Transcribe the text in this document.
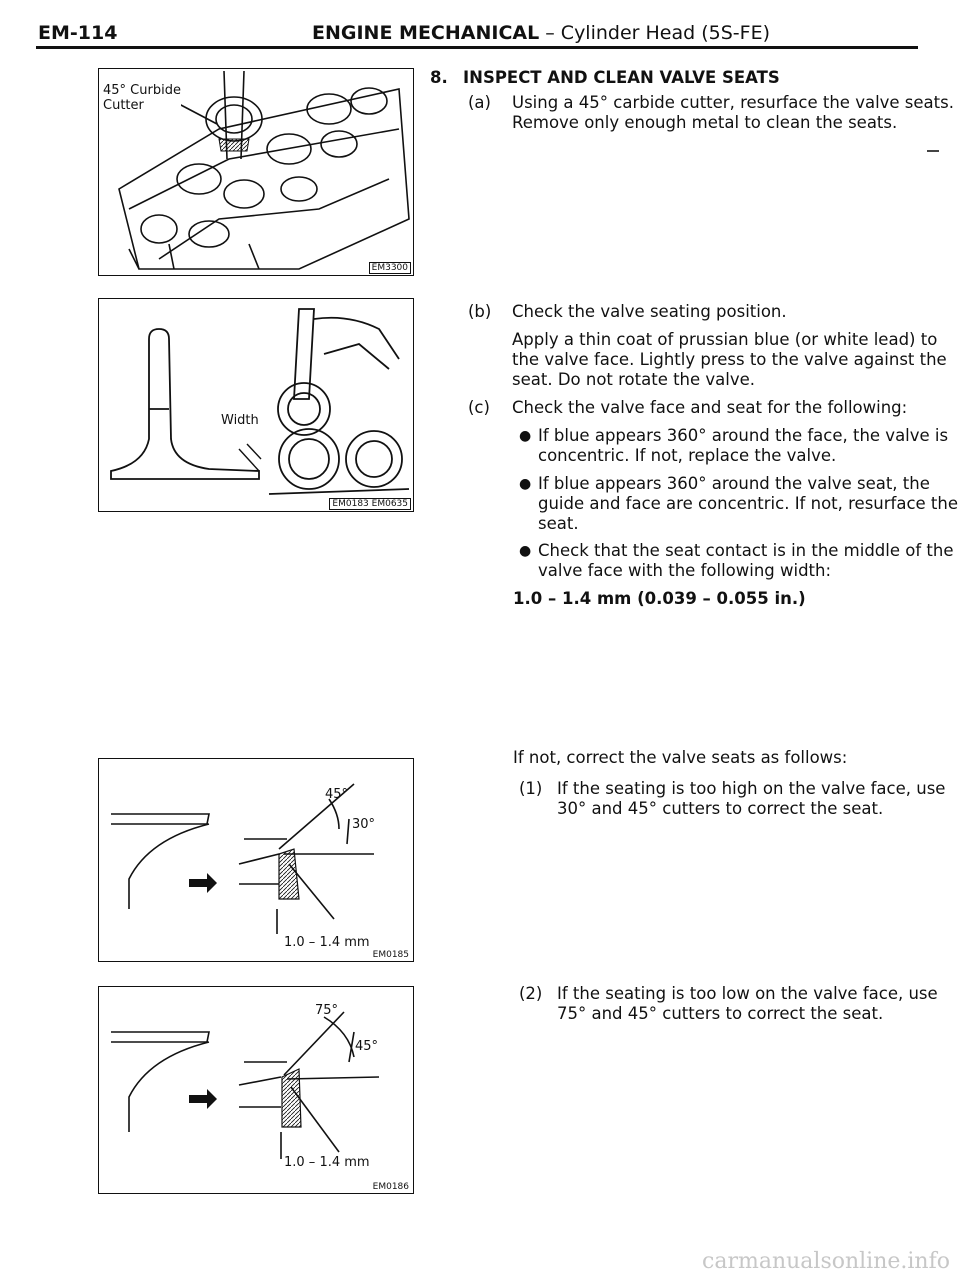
EM-114	ENGINE MECHANICAL – Cylinder Head (5S-FE)
45° Curbide
Cutter
EM3300
Width
EM0183 EM0635
45°
30°
1.0 – 1.4 mm
EM0185
75°
45°
1.0 – 1.4 mm
EM0186
8. INSPECT AND CLEAN VALVE SEATS
(a) Using a 45° carbide cutter, resurface the valve seats.
Remove only enough metal to clean the seats.
(b) Check the valve seating position.
Apply a thin coat of prussian blue (or white lead) to
the valve face. Lightly press to the valve against the
seat. Do not rotate the valve.
(c) Check the valve face and seat for the following:
● If blue appears 360° around the face, the valve is
concentric. If not, replace the valve.
● If blue appears 360° around the valve seat, the
guide and face are concentric. If not, resurface the
seat.
● Check that the seat contact is in the middle of the
valve face with the following width:
1.0 – 1.4 mm (0.039 – 0.055 in.)
If not, correct the valve seats as follows:
(1) If the seating is too high on the valve face, use
30° and 45° cutters to correct the seat.
(2) If the seating is too low on the valve face, use
75° and 45° cutters to correct the seat.
carmanualsonline.info
